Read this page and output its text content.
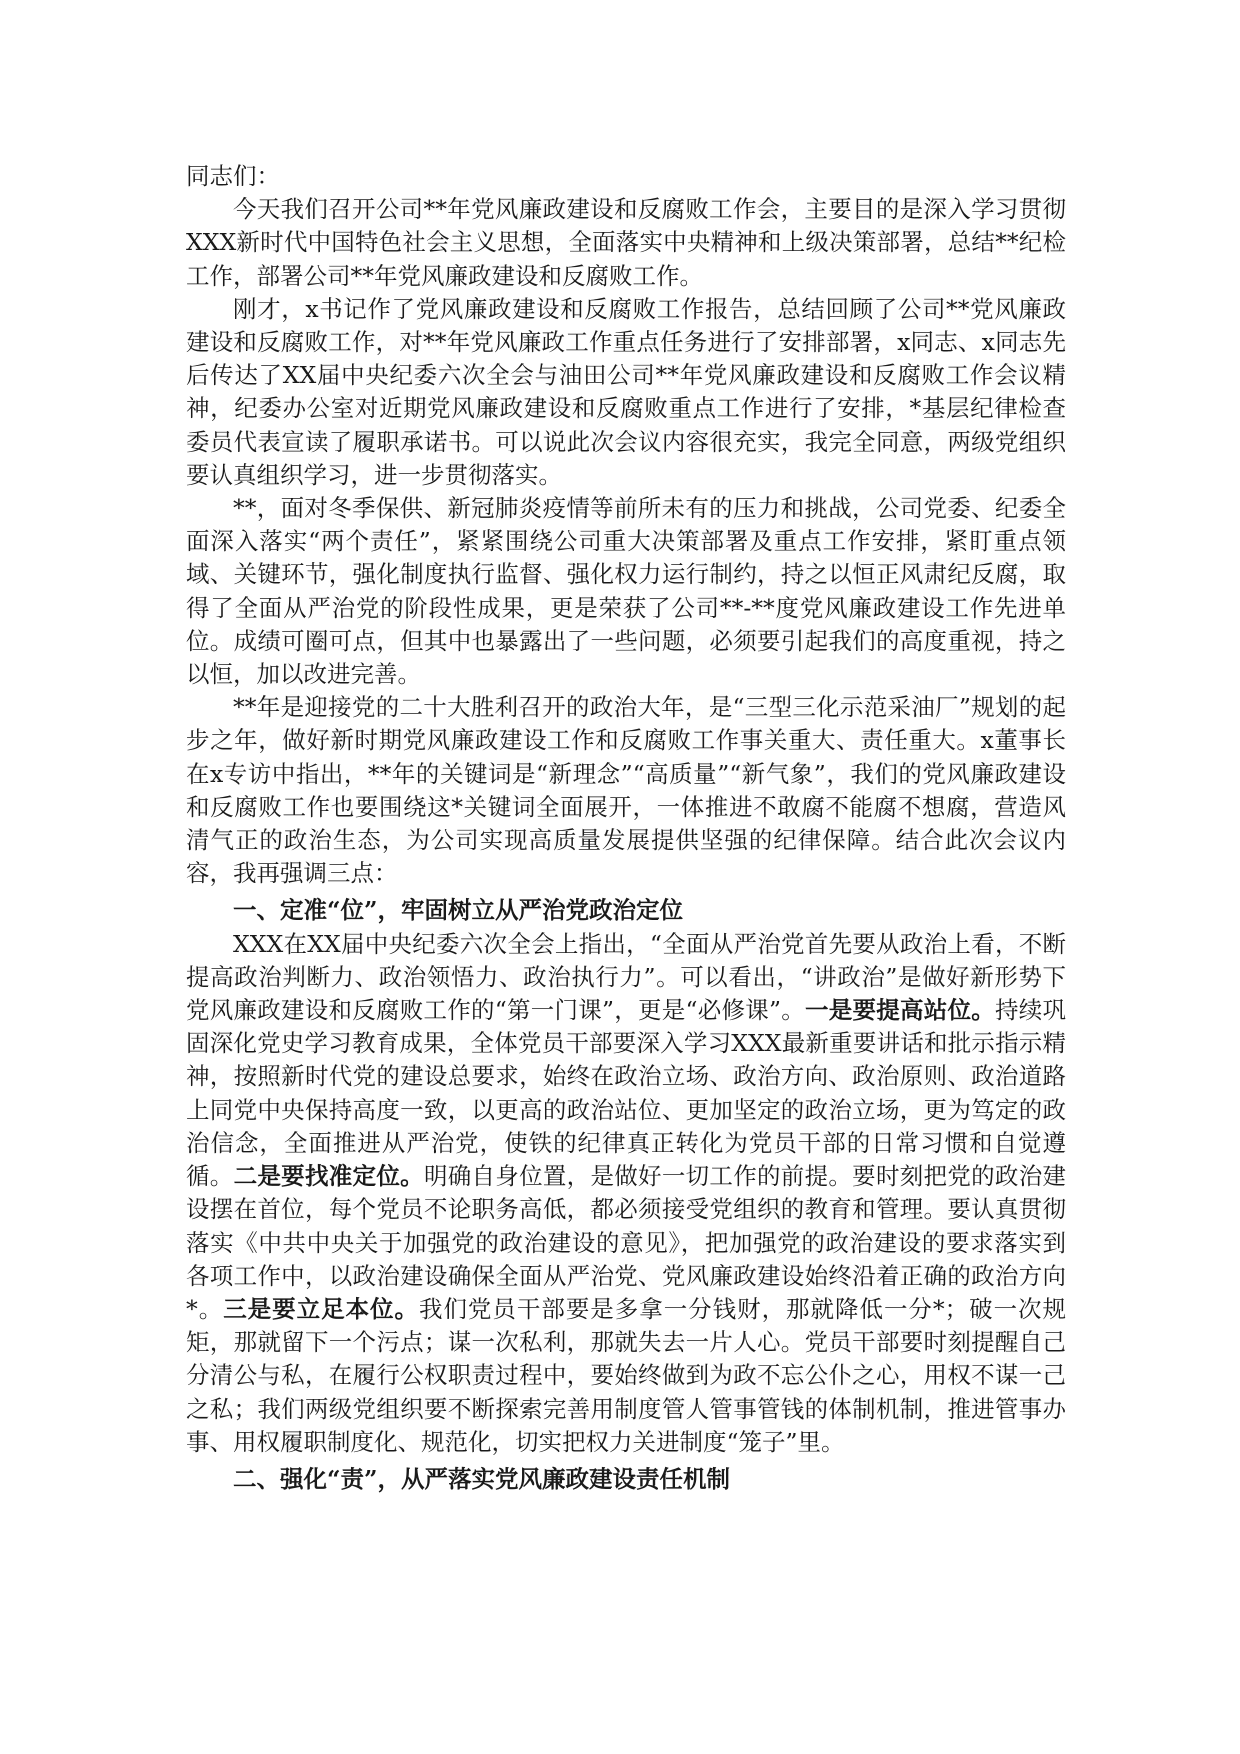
同志们：

今天我们召开公司**年党风廉政建设和反腐败工作会，主要目的是深入学习贯彻XXX新时代中国特色社会主义思想，全面落实中央精神和上级决策部署，总结**纪检工作，部署公司**年党风廉政建设和反腐败工作。

刚才，x书记作了党风廉政建设和反腐败工作报告，总结回顾了公司**党风廉政建设和反腐败工作，对**年党风廉政工作重点任务进行了安排部署，x同志、x同志先后传达了XX届中央纪委六次全会与油田公司**年党风廉政建设和反腐败工作会议精神，纪委办公室对近期党风廉政建设和反腐败重点工作进行了安排，*基层纪律检查委员代表宣读了履职承诺书。可以说此次会议内容很充实，我完全同意，两级党组织要认真组织学习，进一步贯彻落实。

**，面对冬季保供、新冠肺炎疫情等前所未有的压力和挑战，公司党委、纪委全面深入落实“两个责任”，紧紧围绕公司重大决策部署及重点工作安排，紧盯重点领域、关键环节，强化制度执行监督、强化权力运行制约，持之以恒正风肃纪反腐，取得了全面从严治党的阶段性成果，更是荣获了公司**-**度党风廉政建设工作先进单位。成绩可圈可点，但其中也暴露出了一些问题，必须要引起我们的高度重视，持之以恒，加以改进完善。

**年是迎接党的二十大胜利召开的政治大年，是“三型三化示范采油厂”规划的起步之年，做好新时期党风廉政建设工作和反腐败工作事关重大、责任重大。x董事长在x专访中指出，**年的关键词是“新理念”“高质量”“新气象”，我们的党风廉政建设和反腐败工作也要围绕这*关键词全面展开，一体推进不敢腐不能腐不想腐，营造风清气正的政治生态，为公司实现高质量发展提供坚强的纪律保障。结合此次会议内容，我再强调三点：

一、定准“位”，牢固树立从严治党政治定位

XXX在XX届中央纪委六次全会上指出，“全面从严治党首先要从政治上看，不断提高政治判断力、政治领悟力、政治执行力”。可以看出，“讲政治”是做好新形势下党风廉政建设和反腐败工作的“第一门课”，更是“必修课”。一是要提高站位。持续巩固深化党史学习教育成果，全体党员干部要深入学习XXX最新重要讲话和批示指示精神，按照新时代党的建设总要求，始终在政治立场、政治方向、政治原则、政治道路上同党中央保持高度一致，以更高的政治站位、更加坚定的政治立场，更为笃定的政治信念，全面推进从严治党，使铁的纪律真正转化为党员干部的日常习惯和自觉遵循。二是要找准定位。明确自身位置，是做好一切工作的前提。要时刻把党的政治建设摆在首位，每个党员不论职务高低，都必须接受党组织的教育和管理。要认真贯彻落实《中共中央关于加强党的政治建设的意见》，把加强党的政治建设的要求落实到各项工作中，以政治建设确保全面从严治党、党风廉政建设始终沿着正确的政治方向*。三是要立足本位。我们党员干部要是多拿一分钱财，那就降低一分*；破一次规矩，那就留下一个污点；谋一次私利，那就失去一片人心。党员干部要时刻提醒自己分清公与私，在履行公权职责过程中，要始终做到为政不忘公仆之心，用权不谋一己之私；我们两级党组织要不断探索完善用制度管人管事管钱的体制机制，推进管事办事、用权履职制度化、规范化，切实把权力关进制度“笼子”里。

二、强化“责”，从严落实党风廉政建设责任机制
